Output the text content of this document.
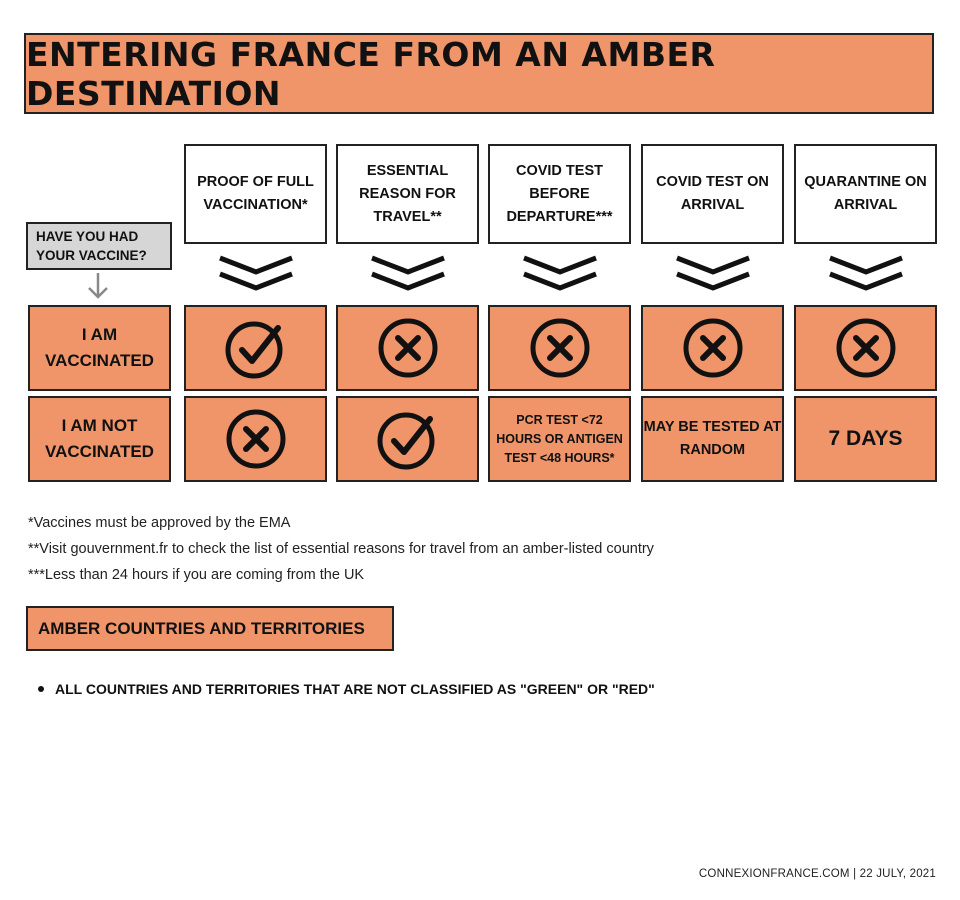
ENTERING FRANCE FROM AN AMBER DESTINATION
PROOF OF FULL VACCINATION*
ESSENTIAL REASON FOR TRAVEL**
COVID TEST BEFORE DEPARTURE***
COVID TEST ON ARRIVAL
QUARANTINE ON ARRIVAL
HAVE YOU HAD YOUR VACCINE?
I AM VACCINATED
I AM NOT VACCINATED
PCR TEST <72 HOURS OR ANTIGEN TEST <48 HOURS*
MAY BE TESTED AT RANDOM	7 DAYS
*Vaccines must be approved by the EMA
**Visit gouvernment.fr to check the list of essential reasons for travel from an amber-listed country
***Less than 24 hours if you are coming from the UK
AMBER COUNTRIES AND TERRITORIES
ALL COUNTRIES AND TERRITORIES THAT ARE NOT CLASSIFIED AS "GREEN" OR "RED"
CONNEXIONFRANCE.COM | 22 JULY, 2021
